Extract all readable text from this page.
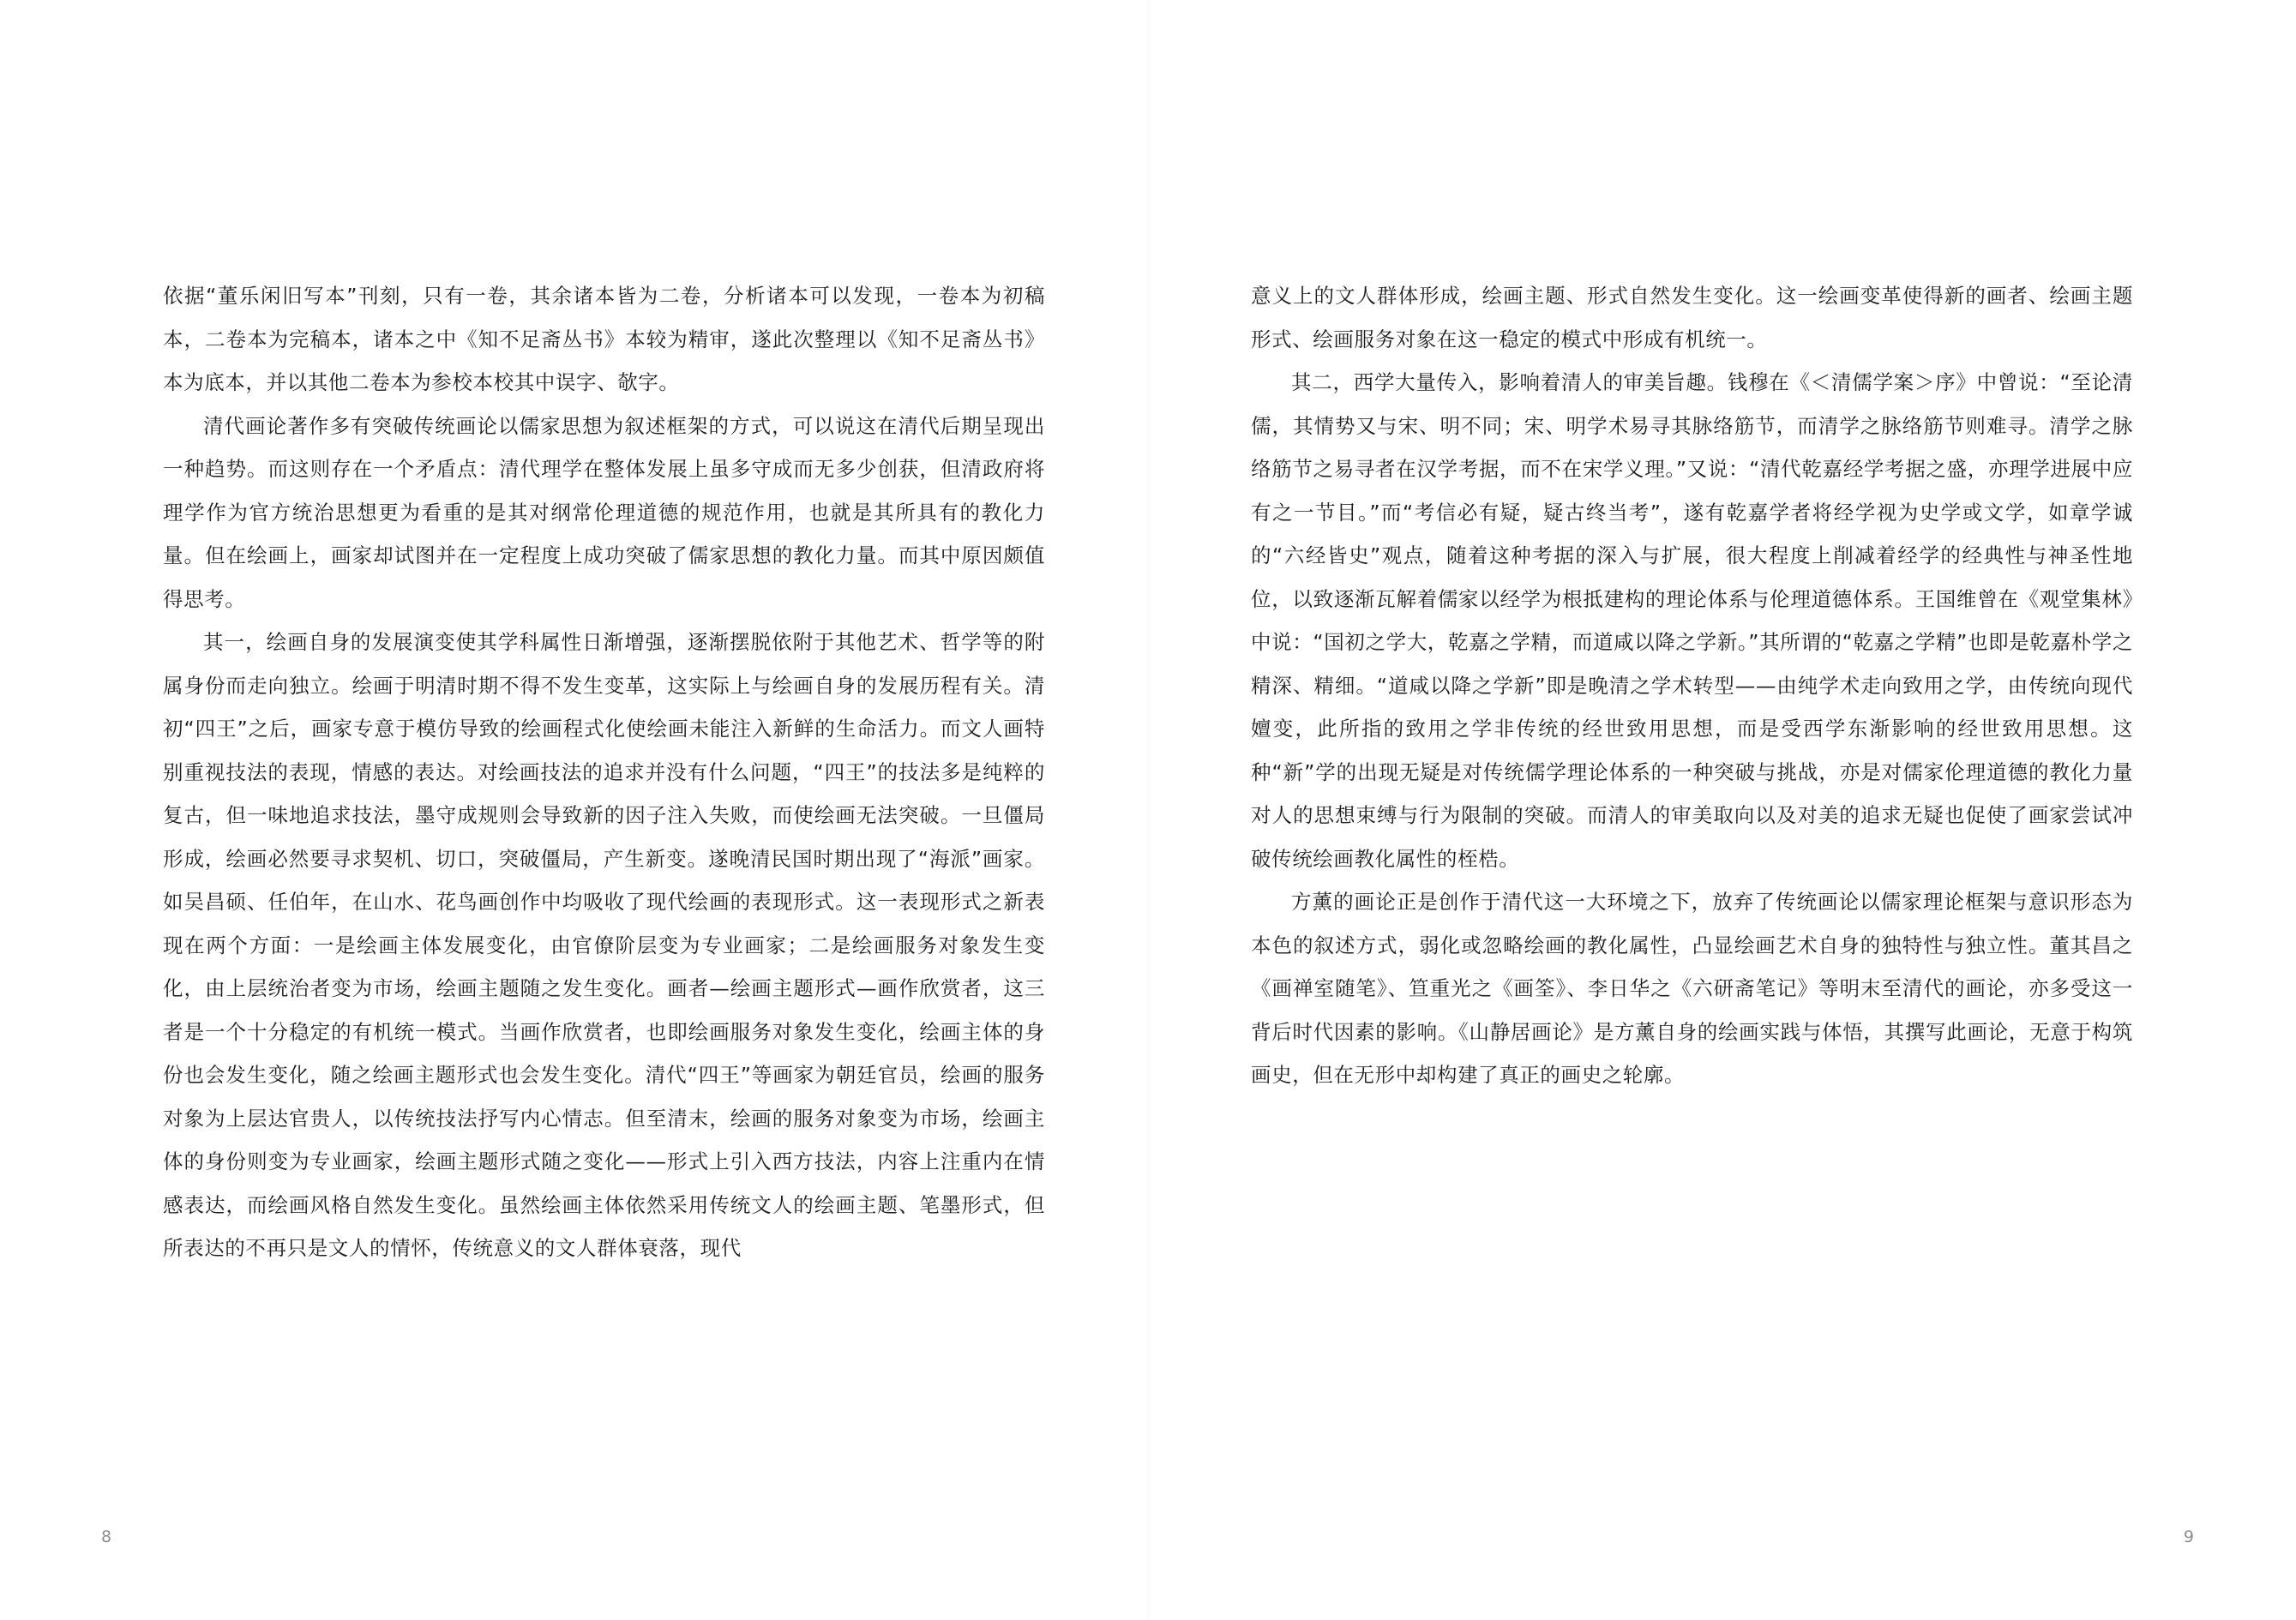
依据“董乐闲旧写本”刊刻，只有一卷，其余诸本皆为二卷，分析诸本可以发现，一卷本为初稿本，二卷本为完稿本，诸本之中《知不足斋丛书》本较为精审，遂此次整理以《知不足斋丛书》本为底本，并以其他二卷本为参校本校其中误字、欹字。

清代画论著作多有突破传统画论以儒家思想为叙述框架的方式，可以说这在清代后期呈现出一种趋势。而这则存在一个矛盾点：清代理学在整体发展上虽多守成而无多少创获，但清政府将理学作为官方统治思想更为看重的是其对纲常伦理道德的规范作用，也就是其所具有的教化力量。但在绘画上，画家却试图并在一定程度上成功突破了儒家思想的教化力量。而其中原因颇值得思考。

其一，绘画自身的发展演变使其学科属性日渐增强，逐渐摆脱依附于其他艺术、哲学等的附属身份而走向独立。绘画于明清时期不得不发生变革，这实际上与绘画自身的发展历程有关。清初“四王”之后，画家专意于模仿导致的绘画程式化使绘画未能注入新鲜的生命活力。而文人画特别重视技法的表现，情感的表达。对绘画技法的追求并没有什么问题，“四王”的技法多是纯粹的复古，但一味地追求技法，墨守成规则会导致新的因子注入失败，而使绘画无法突破。一旦僵局形成，绘画必然要寻求契机、切口，突破僵局，产生新变。遂晚清民国时期出现了“海派”画家。如吴昌硕、任伯年，在山水、花鸟画创作中均吸收了现代绘画的表现形式。这一表现形式之新表现在两个方面：一是绘画主体发展变化，由官僚阶层变为专业画家；二是绘画服务对象发生变化，由上层统治者变为市场，绘画主题随之发生变化。画者—绘画主题形式—画作欣赏者，这三者是一个十分稳定的有机统一模式。当画作欣赏者，也即绘画服务对象发生变化，绘画主体的身份也会发生变化，随之绘画主题形式也会发生变化。清代“四王”等画家为朝廷官员，绘画的服务对象为上层达官贵人，以传统技法抒写内心情志。但至清末，绘画的服务对象变为市场，绘画主体的身份则变为专业画家，绘画主题形式随之变化——形式上引入西方技法，内容上注重内在情感表达，而绘画风格自然发生变化。虽然绘画主体依然采用传统文人的绘画主题、笔墨形式，但所表达的不再只是文人的情怀，传统意义的文人群体衰落，现代

8

意义上的文人群体形成，绘画主题、形式自然发生变化。这一绘画变革使得新的画者、绘画主题形式、绘画服务对象在这一稳定的模式中形成有机统一。

其二，西学大量传入，影响着清人的审美旨趣。钱穆在《＜清儒学案＞序》中曾说：“至论清儒，其情势又与宋、明不同；宋、明学术易寻其脉络筋节，而清学之脉络筋节则难寻。清学之脉络筋节之易寻者在汉学考据，而不在宋学义理。”又说：“清代乾嘉经学考据之盛，亦理学进展中应有之一节目。”而“考信必有疑，疑古终当考”，遂有乾嘉学者将经学视为史学或文学，如章学诚的“六经皆史”观点，随着这种考据的深入与扩展，很大程度上削减着经学的经典性与神圣性地位，以致逐渐瓦解着儒家以经学为根抵建构的理论体系与伦理道德体系。王国维曾在《观堂集林》中说：“国初之学大，乾嘉之学精，而道咸以降之学新。”其所谓的“乾嘉之学精”也即是乾嘉朴学之精深、精细。“道咸以降之学新”即是晚清之学术转型——由纯学术走向致用之学，由传统向现代嬗变，此所指的致用之学非传统的经世致用思想，而是受西学东渐影响的经世致用思想。这种“新”学的出现无疑是对传统儒学理论体系的一种突破与挑战，亦是对儒家伦理道德的教化力量对人的思想束缚与行为限制的突破。而清人的审美取向以及对美的追求无疑也促使了画家尝试冲破传统绘画教化属性的桎梏。

方薰的画论正是创作于清代这一大环境之下，放弃了传统画论以儒家理论框架与意识形态为本色的叙述方式，弱化或忽略绘画的教化属性，凸显绘画艺术自身的独特性与独立性。董其昌之《画禅室随笔》、笪重光之《画筌》、李日华之《六研斋笔记》等明末至清代的画论，亦多受这一背后时代因素的影响。《山静居画论》是方薰自身的绘画实践与体悟，其撰写此画论，无意于构筑画史，但在无形中却构建了真正的画史之轮廓。

9
